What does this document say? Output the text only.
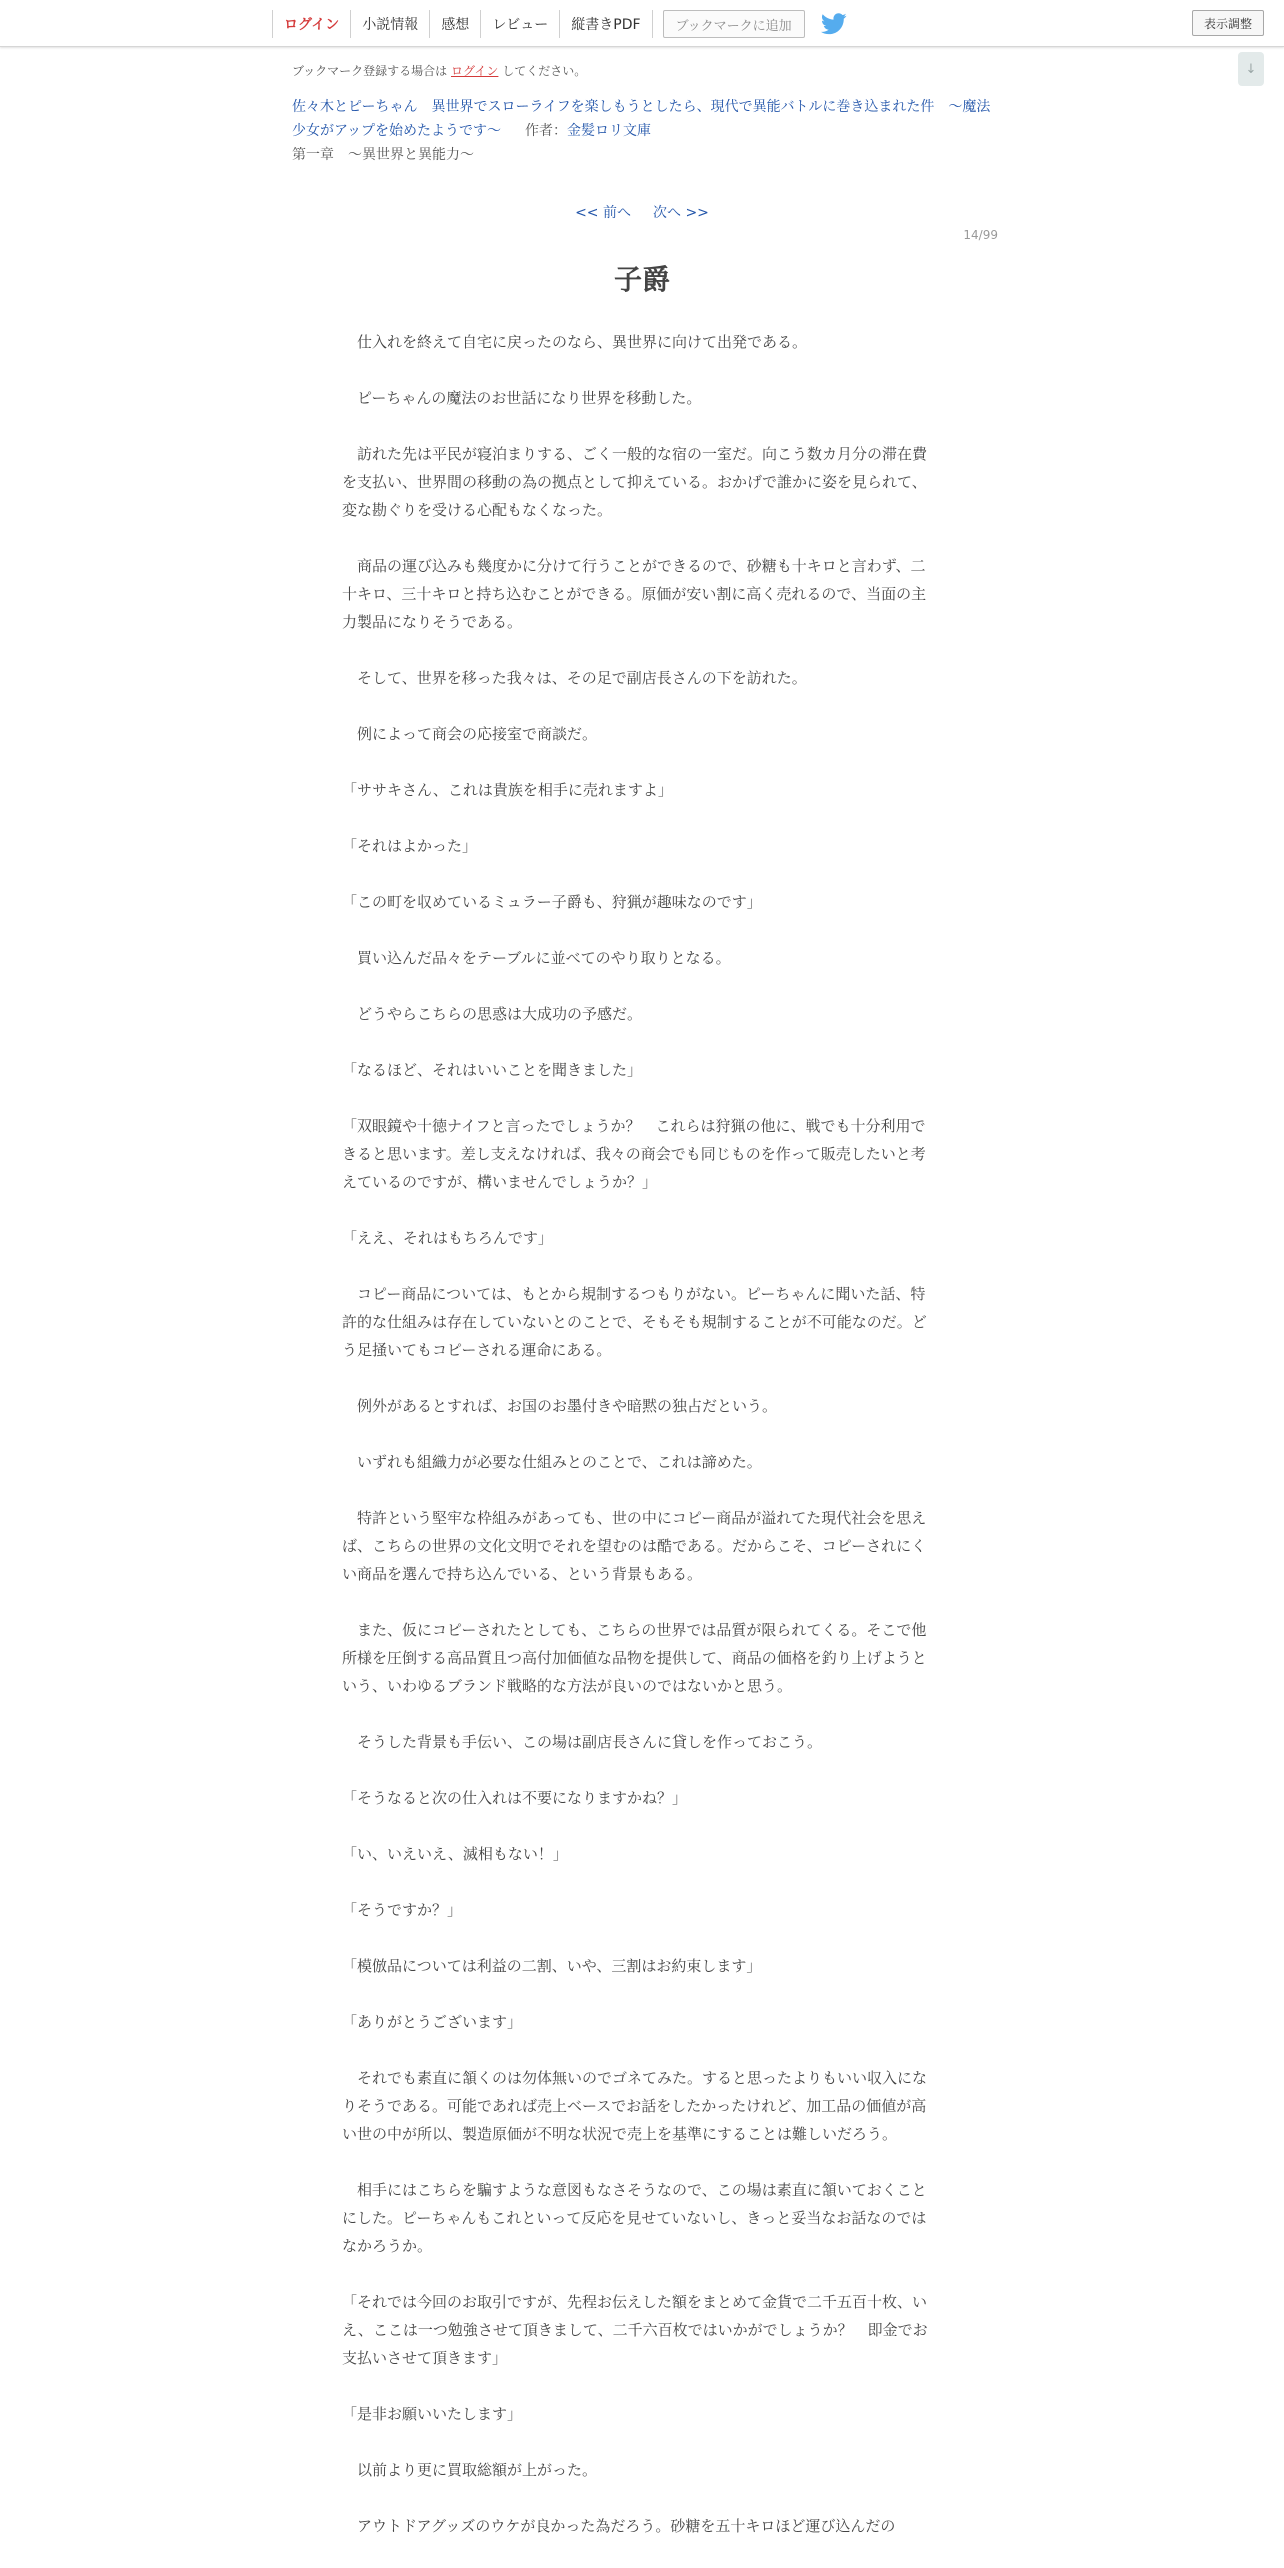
ログイン	小説情報	感想	レビュー	縦書きPDF	ブックマークに追加	表示調整
↓
ブックマーク登録する場合は ログイン してください。
佐々木とピーちゃん　異世界でスローライフを楽しもうとしたら、現代で異能バトルに巻き込まれた件　～魔法少女がアップを始めたようです～ 作者：金髪ロリ文庫
第一章　～異世界と異能力～
<< 前へ 次へ >>
14/99
子爵

　仕入れを終えて自宅に戻ったのなら、異世界に向けて出発である。

　ピーちゃんの魔法のお世話になり世界を移動した。

　訪れた先は平民が寝泊まりする、ごく一般的な宿の一室だ。向こう数カ月分の滞在費を支払い、世界間の移動の為の拠点として抑えている。おかげで誰かに姿を見られて、変な勘ぐりを受ける心配もなくなった。

　商品の運び込みも幾度かに分けて行うことができるので、砂糖も十キロと言わず、二十キロ、三十キロと持ち込むことができる。原価が安い割に高く売れるので、当面の主力製品になりそうである。

　そして、世界を移った我々は、その足で副店長さんの下を訪れた。

　例によって商会の応接室で商談だ。

「ササキさん、これは貴族を相手に売れますよ」

「それはよかった」

「この町を収めているミュラー子爵も、狩猟が趣味なのです」

　買い込んだ品々をテーブルに並べてのやり取りとなる。

　どうやらこちらの思惑は大成功の予感だ。

「なるほど、それはいいことを聞きました」

「双眼鏡や十徳ナイフと言ったでしょうか？　これらは狩猟の他に、戦でも十分利用できると思います。差し支えなければ、我々の商会でも同じものを作って販売したいと考えているのですが、構いませんでしょうか？」

「ええ、それはもちろんです」

　コピー商品については、もとから規制するつもりがない。ピーちゃんに聞いた話、特許的な仕組みは存在していないとのことで、そもそも規制することが不可能なのだ。どう足掻いてもコピーされる運命にある。

　例外があるとすれば、お国のお墨付きや暗黙の独占だという。

　いずれも組織力が必要な仕組みとのことで、これは諦めた。

　特許という堅牢な枠組みがあっても、世の中にコピー商品が溢れてた現代社会を思えば、こちらの世界の文化文明でそれを望むのは酷である。だからこそ、コピーされにくい商品を選んで持ち込んでいる、という背景もある。

　また、仮にコピーされたとしても、こちらの世界では品質が限られてくる。そこで他所様を圧倒する高品質且つ高付加価値な品物を提供して、商品の価格を釣り上げようという、いわゆるブランド戦略的な方法が良いのではないかと思う。

　そうした背景も手伝い、この場は副店長さんに貸しを作っておこう。

「そうなると次の仕入れは不要になりますかね？」

「い、いえいえ、滅相もない！」

「そうですか？」

「模倣品については利益の二割、いや、三割はお約束します」

「ありがとうございます」

　それでも素直に頷くのは勿体無いのでゴネてみた。すると思ったよりもいい収入になりそうである。可能であれば売上ベースでお話をしたかったけれど、加工品の価値が高い世の中が所以、製造原価が不明な状況で売上を基準にすることは難しいだろう。

　相手にはこちらを騙すような意図もなさそうなので、この場は素直に頷いておくことにした。ピーちゃんもこれといって反応を見せていないし、きっと妥当なお話なのではなかろうか。

「それでは今回のお取引ですが、先程お伝えした額をまとめて金貨で二千五百十枚、いえ、ここは一つ勉強させて頂きまして、二千六百枚ではいかがでしょうか？　即金でお支払いさせて頂きます」

「是非お願いいたします」

　以前より更に買取総額が上がった。

　アウトドアグッズのウケが良かった為だろう。砂糖を五十キロほど運び込んだの
